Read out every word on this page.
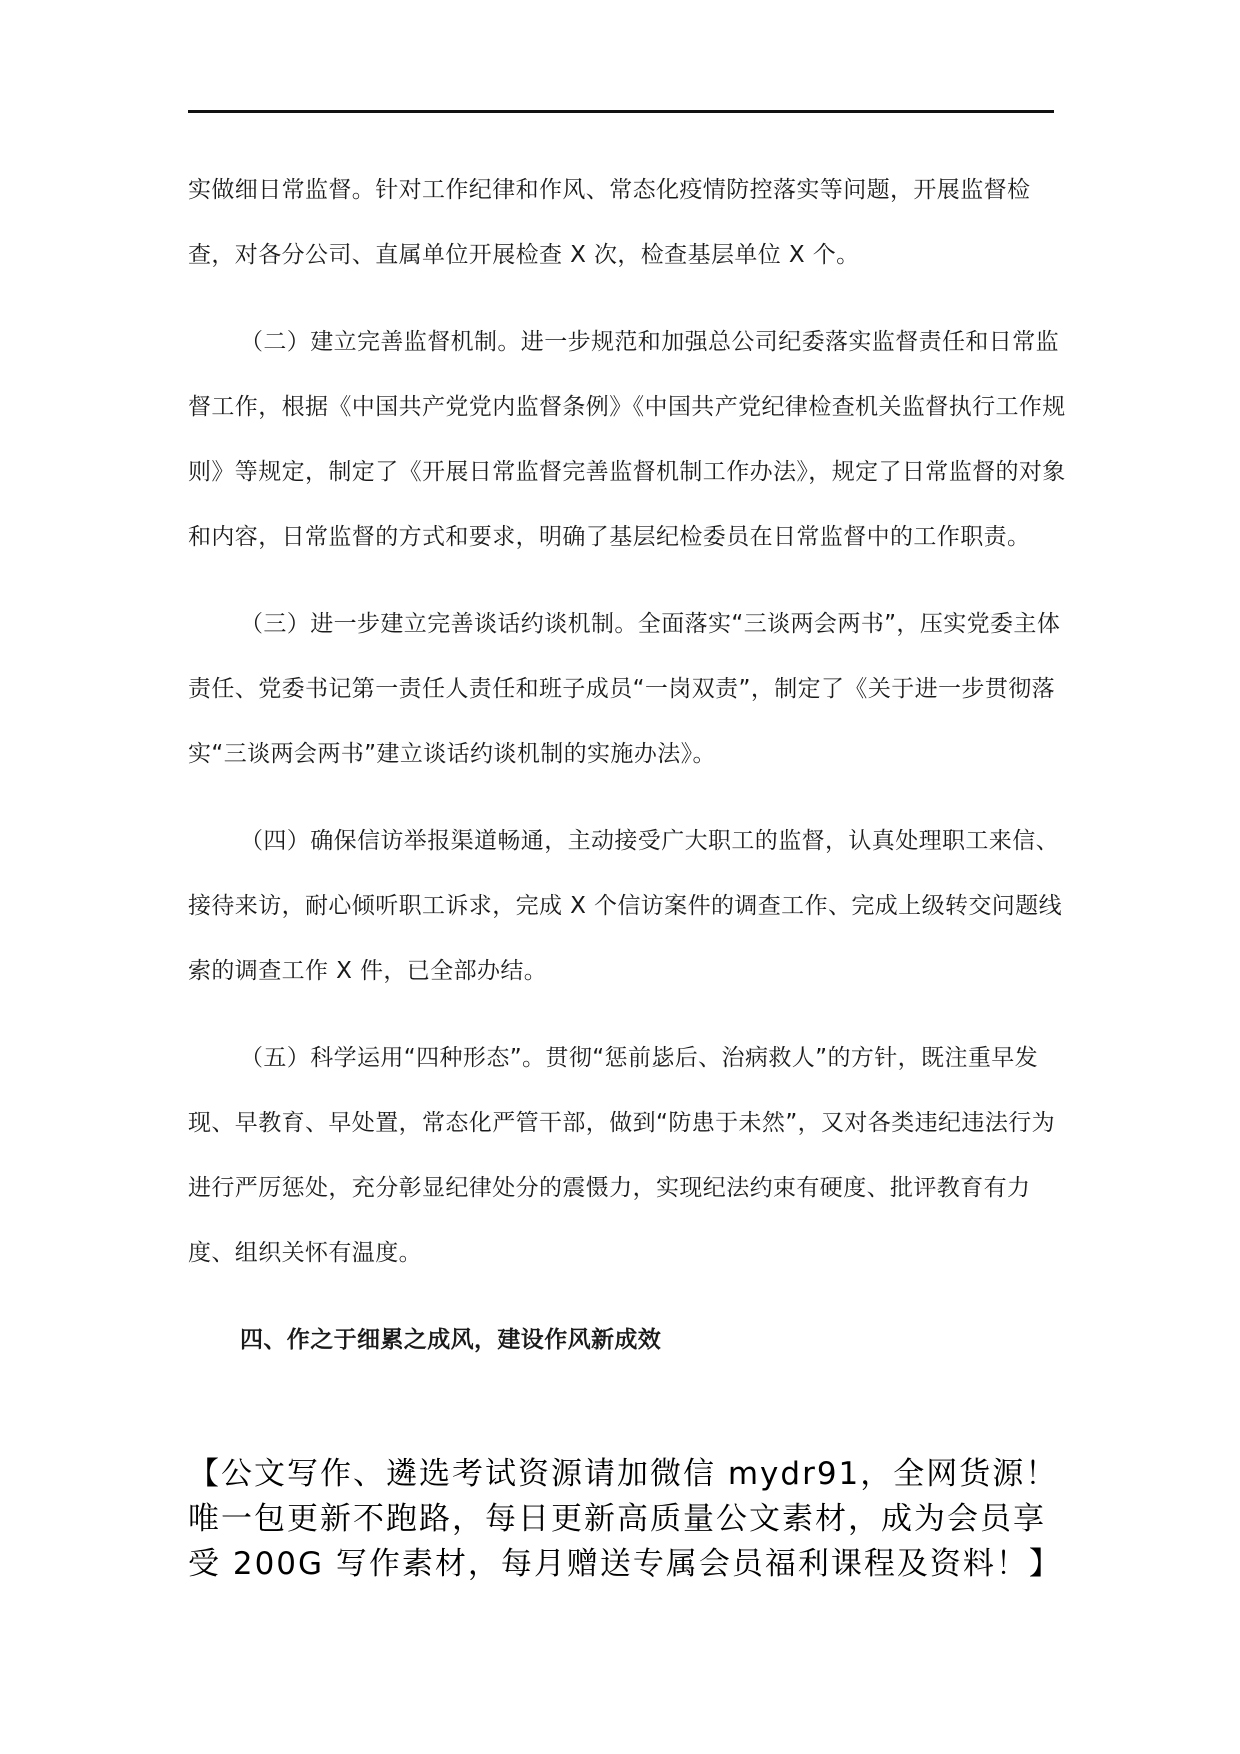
实做细日常监督。针对工作纪律和作风、常态化疫情防控落实等问题，开展监督检查，对各分公司、直属单位开展检查 X 次，检查基层单位 X 个。

（二）建立完善监督机制。进一步规范和加强总公司纪委落实监督责任和日常监督工作，根据《中国共产党党内监督条例》《中国共产党纪律检查机关监督执行工作规则》等规定，制定了《开展日常监督完善监督机制工作办法》，规定了日常监督的对象和内容，日常监督的方式和要求，明确了基层纪检委员在日常监督中的工作职责。

（三）进一步建立完善谈话约谈机制。全面落实“三谈两会两书”，压实党委主体责任、党委书记第一责任人责任和班子成员“一岗双责”，制定了《关于进一步贯彻落实“三谈两会两书”建立谈话约谈机制的实施办法》。

（四）确保信访举报渠道畅通，主动接受广大职工的监督，认真处理职工来信、接待来访，耐心倾听职工诉求，完成 X 个信访案件的调查工作、完成上级转交问题线索的调查工作 X 件，已全部办结。

（五）科学运用“四种形态”。贯彻“惩前毖后、治病救人”的方针，既注重早发现、早教育、早处置，常态化严管干部，做到“防患于未然”，又对各类违纪违法行为进行严厉惩处，充分彰显纪律处分的震慑力，实现纪法约束有硬度、批评教育有力度、组织关怀有温度。

四、作之于细累之成风，建设作风新成效

【公文写作、遴选考试资源请加微信 mydr91，全网货源！唯一包更新不跑路，每日更新高质量公文素材，成为会员享受 200G 写作素材，每月赠送专属会员福利课程及资料！】
